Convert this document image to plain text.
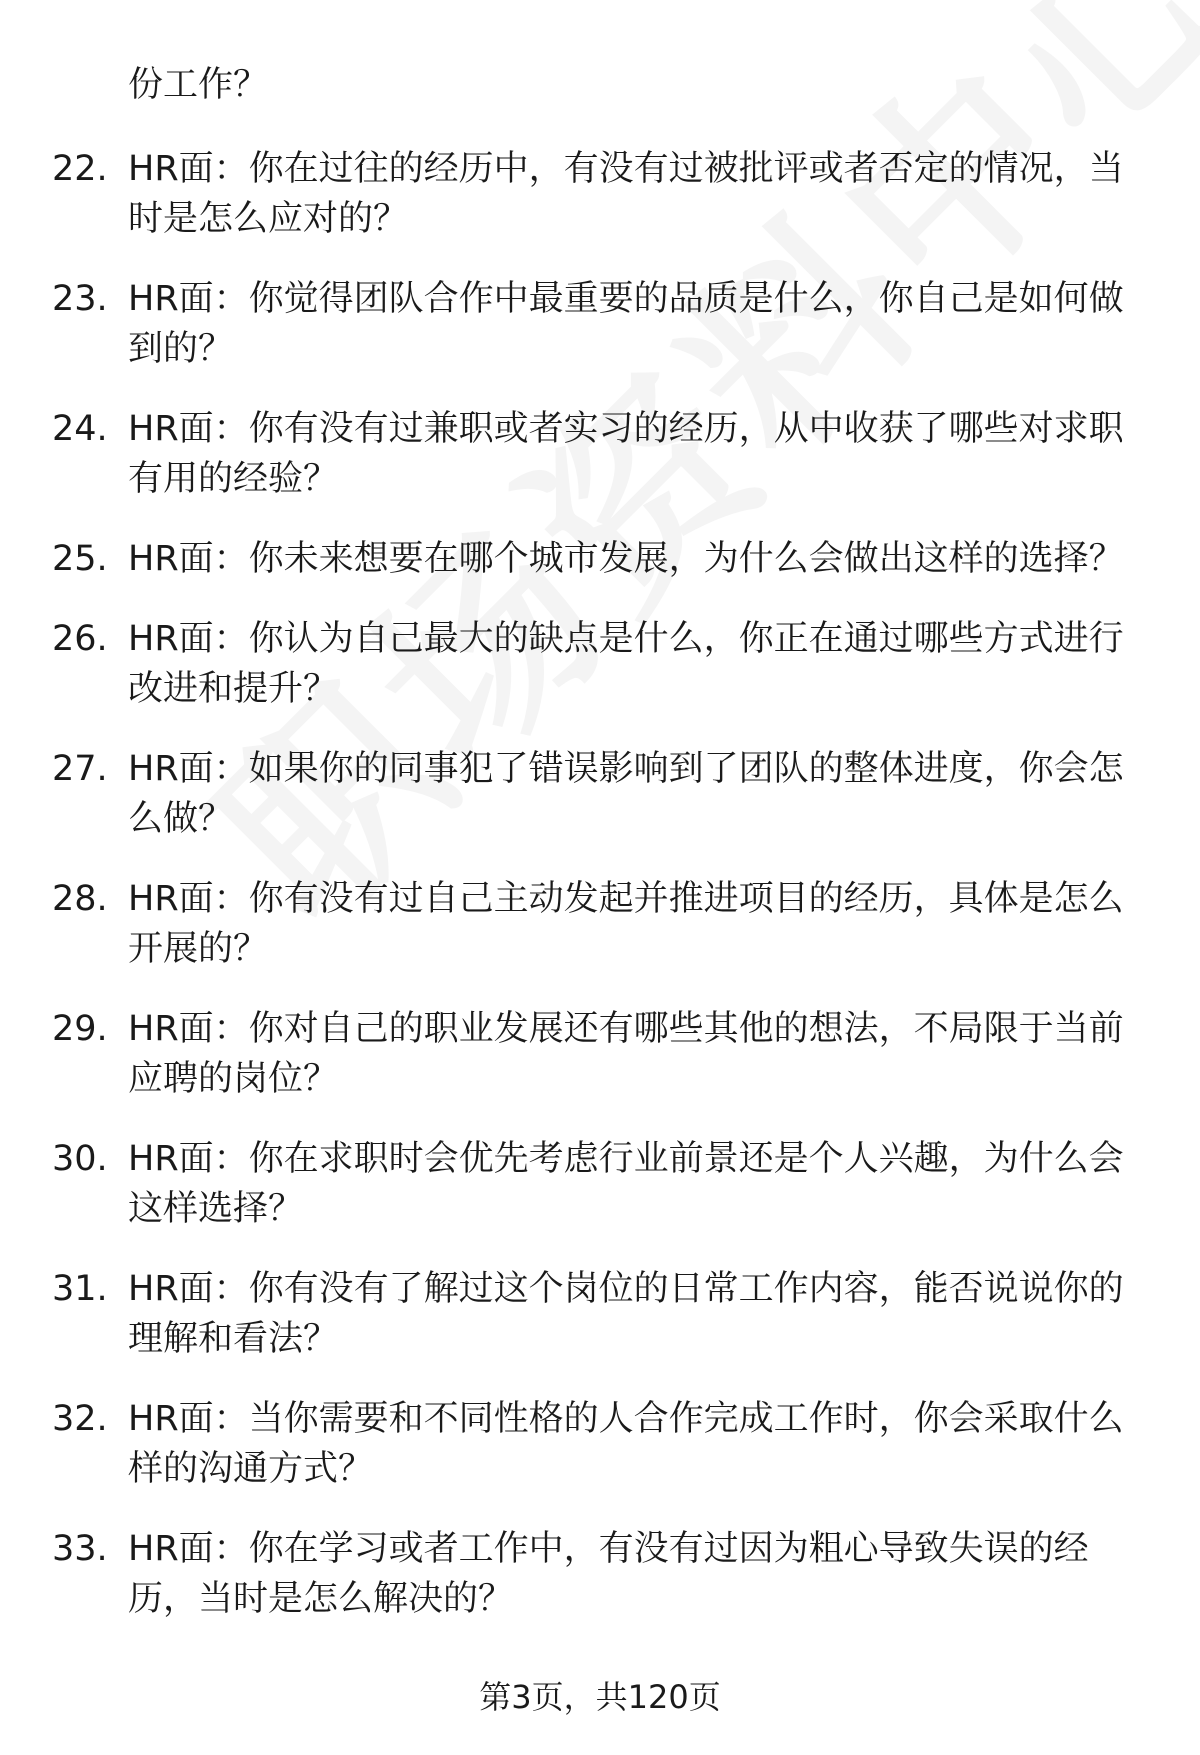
份工作？
22. HR面：你在过往的经历中，有没有过被批评或者否定的情况，当时是怎么应对的？
23. HR面：你觉得团队合作中最重要的品质是什么，你自己是如何做到的？
24. HR面：你有没有过兼职或者实习的经历，从中收获了哪些对求职有用的经验？
25. HR面：你未来想要在哪个城市发展，为什么会做出这样的选择？
26. HR面：你认为自己最大的缺点是什么，你正在通过哪些方式进行改进和提升？
27. HR面：如果你的同事犯了错误影响到了团队的整体进度，你会怎么做？
28. HR面：你有没有过自己主动发起并推进项目的经历，具体是怎么开展的？
29. HR面：你对自己的职业发展还有哪些其他的想法，不局限于当前应聘的岗位？
30. HR面：你在求职时会优先考虑行业前景还是个人兴趣，为什么会这样选择？
31. HR面：你有没有了解过这个岗位的日常工作内容，能否说说你的理解和看法？
32. HR面：当你需要和不同性格的人合作完成工作时，你会采取什么样的沟通方式？
33. HR面：你在学习或者工作中，有没有过因为粗心导致失误的经历，当时是怎么解决的？
第3页，共120页
